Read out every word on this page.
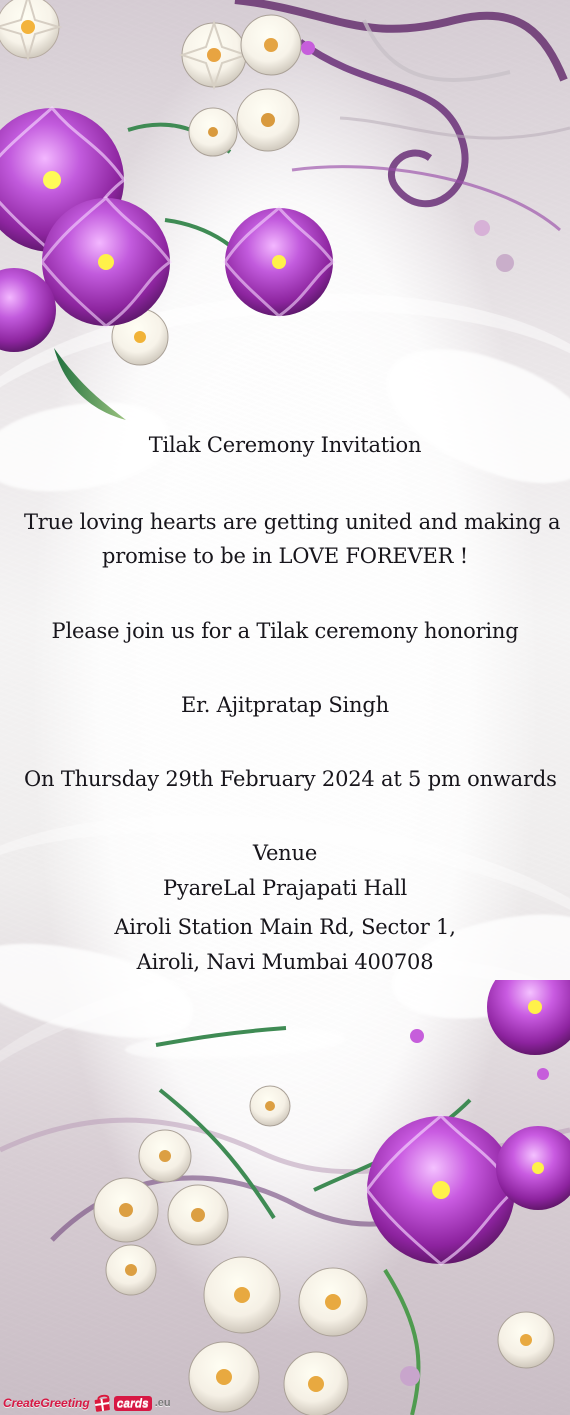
Tilak Ceremony Invitation
True loving hearts are getting united and making a
promise to be in LOVE FOREVER !
Please join us for a Tilak ceremony honoring
Er. Ajitpratap Singh
On Thursday 29th February 2024 at 5 pm onwards
Venue
PyareLal Prajapati Hall
Airoli Station Main Rd, Sector 1,
Airoli, Navi Mumbai 400708
CreateGreeting cards .eu
